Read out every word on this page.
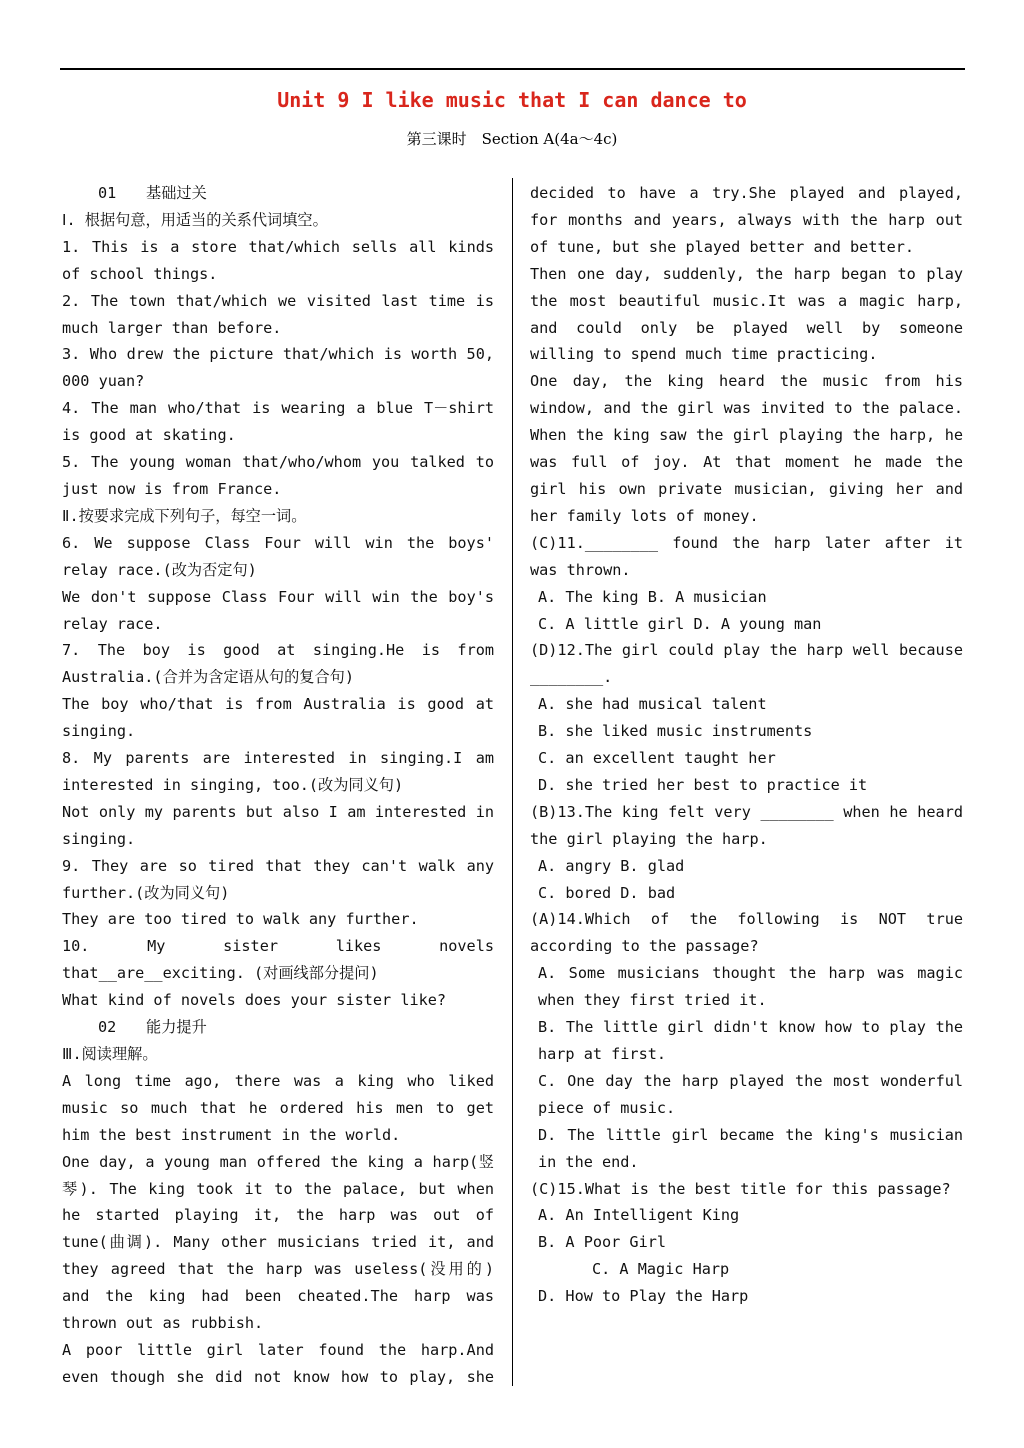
Unit 9 I like music that I can dance to
第三课时　Section A(4a～4c)

01 基础过关

Ⅰ. 根据句意，用适当的关系代词填空。

1. This is a store that/which sells all kinds of school things.

2. The town that/which we visited last time is much larger than before.

3. Who drew the picture that/which is worth 50, 000 yuan?

4. The man who/that is wearing a blue T－shirt is good at skating.

5. The young woman that/who/whom you talked to just now is from France.

Ⅱ.按要求完成下列句子，每空一词。

6. We suppose Class Four will win the boys' relay race.(改为否定句)

We don't suppose Class Four will win the boy's relay race.

7. The boy is good at singing.He is from Australia.(合并为含定语从句的复合句)

The boy who/that is from Australia is good at singing.

8. My parents are interested in singing.I am interested in singing, too.(改为同义句)

Not only my parents but also I am interested in singing.

9. They are so tired that they can't walk any further.(改为同义句)

They are too tired to walk any further.

10. My sister likes novels

that__are__exciting. (对画线部分提问)

What kind of novels does your sister like?

02 能力提升

Ⅲ.阅读理解。

A long time ago, there was a king who liked music so much that he ordered his men to get him the best instrument in the world.

One day, a young man offered the king a harp(竖琴). The king took it to the palace, but when he started playing it, the harp was out of tune(曲调). Many other musicians tried it, and they agreed that the harp was useless(没用的) and the king had been cheated.The harp was thrown out as rubbish.

A poor little girl later found the harp.And even though she did not know how to play, she

decided to have a try.She played and played, for months and years, always with the harp out of tune, but she played better and better.

Then one day, suddenly, the harp began to play the most beautiful music.It was a magic harp, and could only be played well by someone willing to spend much time practicing.

One day, the king heard the music from his window, and the girl was invited to the palace. When the king saw the girl playing the harp, he was full of joy. At that moment he made the girl his own private musician, giving her and her family lots of money.

(C)11.________ found the harp later after it was thrown.

A. The king B. A musician

C. A little girl D. A young man

(D)12.The girl could play the harp well because ________.

A. she had musical talent

B. she liked music instruments

C. an excellent taught her

D. she tried her best to practice it

(B)13.The king felt very ________ when he heard the girl playing the harp.

A. angry B. glad

C. bored D. bad

(A)14.Which of the following is NOT true according to the passage?

A. Some musicians thought the harp was magic when they first tried it.

B. The little girl didn't know how to play the harp at first.

C. One day the harp played the most wonderful piece of music.

D. The little girl became the king's musician in the end.

(C)15.What is the best title for this passage?

A. An Intelligent King

B. A Poor Girl

C. A Magic Harp

D. How to Play the Harp
